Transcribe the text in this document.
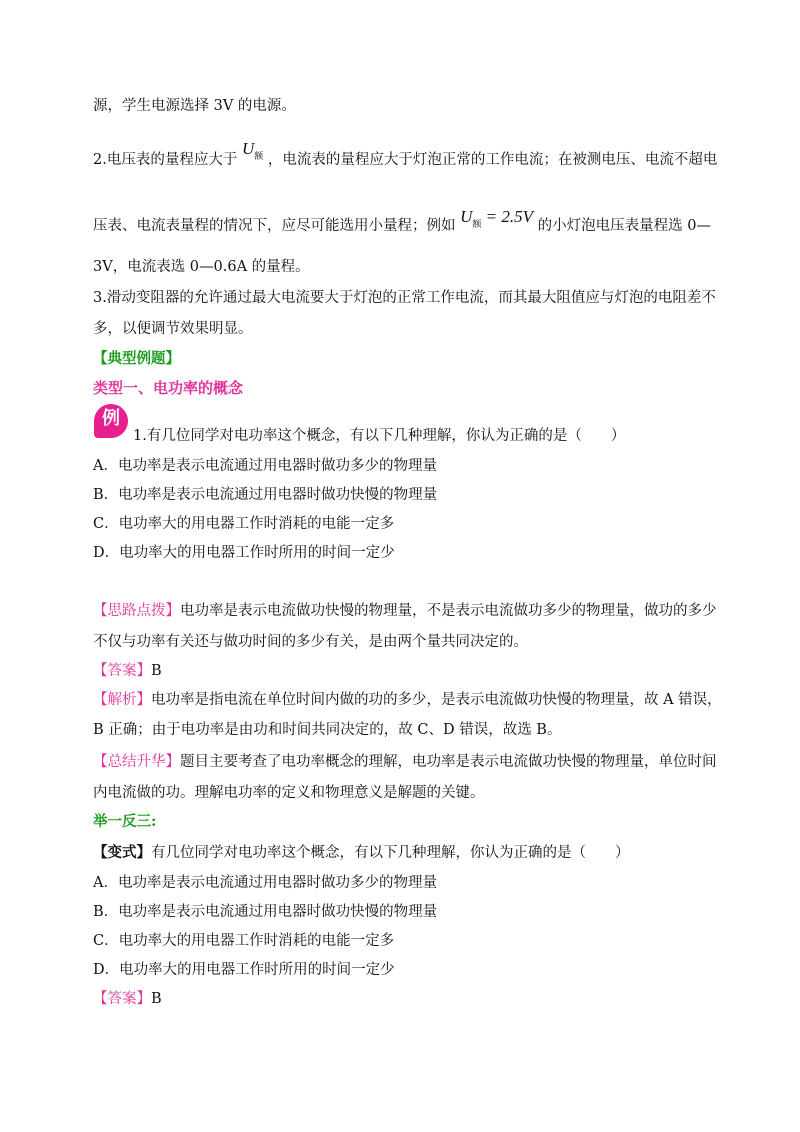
源，学生电源选择 3V 的电源。
2.电压表的量程应大于 $U_额$ ，电流表的量程应大于灯泡正常的工作电流；在被测电压、电流不超电
压表、电流表量程的情况下，应尽可能选用小量程；例如 $U_额 = 2.5V$ 的小灯泡电压表量程选 0—
3V，电流表选 0—0.6A 的量程。
3.滑动变阻器的允许通过最大电流要大于灯泡的正常工作电流，而其最大阻值应与灯泡的电阻差不
多，以便调节效果明显。
【典型例题】
类型一、电功率的概念
例
1.有几位同学对电功率这个概念，有以下几种理解，你认为正确的是（　　）
A．电功率是表示电流通过用电器时做功多少的物理量
B．电功率是表示电流通过用电器时做功快慢的物理量
C．电功率大的用电器工作时消耗的电能一定多
D．电功率大的用电器工作时所用的时间一定少
【思路点拨】电功率是表示电流做功快慢的物理量，不是表示电流做功多少的物理量，做功的多少
不仅与功率有关还与做功时间的多少有关，是由两个量共同决定的。
【答案】B
【解析】电功率是指电流在单位时间内做的功的多少，是表示电流做功快慢的物理量，故 A 错误，
B 正确；由于电功率是由功和时间共同决定的，故 C、D 错误，故选 B。
【总结升华】题目主要考查了电功率概念的理解，电功率是表示电流做功快慢的物理量，单位时间
内电流做的功。理解电功率的定义和物理意义是解题的关键。
举一反三:
【变式】有几位同学对电功率这个概念，有以下几种理解，你认为正确的是（　　）
A．电功率是表示电流通过用电器时做功多少的物理量
B．电功率是表示电流通过用电器时做功快慢的物理量
C．电功率大的用电器工作时消耗的电能一定多
D．电功率大的用电器工作时所用的时间一定少
【答案】B
